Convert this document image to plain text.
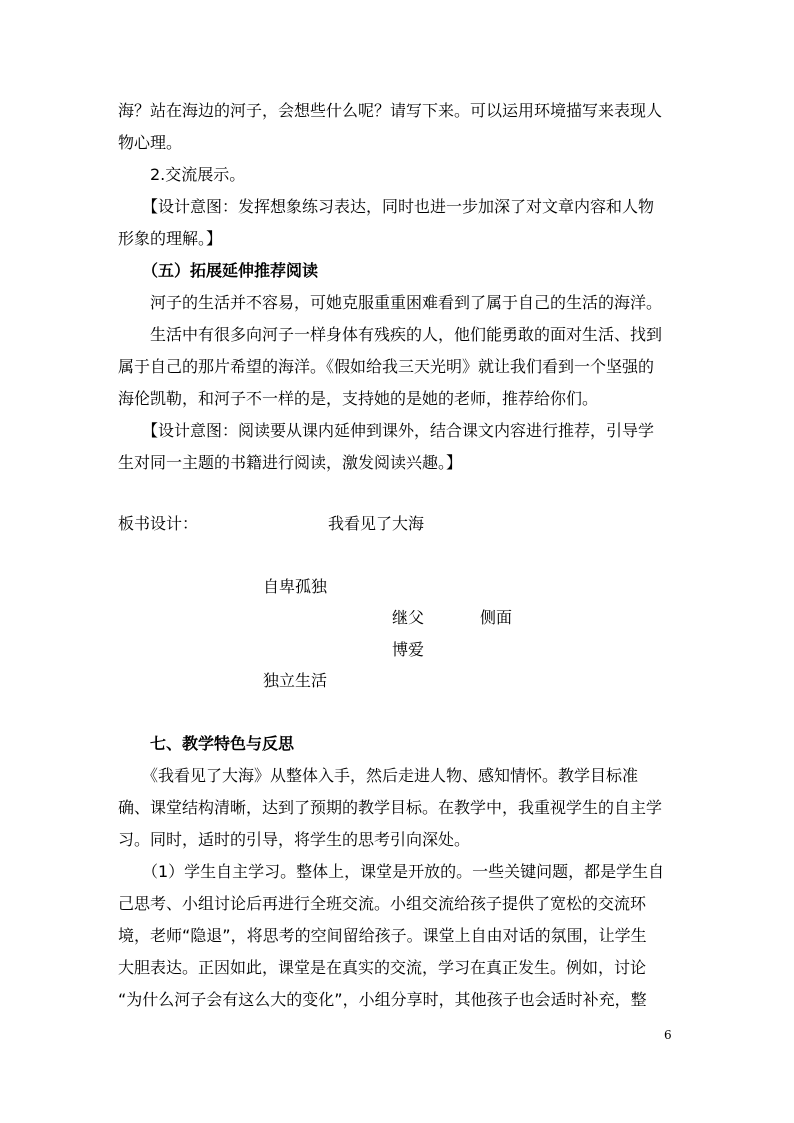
海？站在海边的河子，会想些什么呢？请写下来。可以运用环境描写来表现人
物心理。
　　2.交流展示。
　　【设计意图：发挥想象练习表达，同时也进一步加深了对文章内容和人物
形象的理解。】
　　（五）拓展延伸推荐阅读
　　河子的生活并不容易，可她克服重重困难看到了属于自己的生活的海洋。
　　生活中有很多向河子一样身体有残疾的人，他们能勇敢的面对生活、找到
属于自己的那片希望的海洋。《假如给我三天光明》就让我们看到一个坚强的
海伦凯勒，和河子不一样的是，支持她的是她的老师，推荐给你们。
　　【设计意图：阅读要从课内延伸到课外，结合课文内容进行推荐，引导学
生对同一主题的书籍进行阅读，激发阅读兴趣。】
板书设计：	我看见了大海
自卑孤独
继父	侧面
博爱
独立生活
　　七、教学特色与反思
　　《我看见了大海》从整体入手，然后走进人物、感知情怀。教学目标准
确、课堂结构清晰，达到了预期的教学目标。在教学中，我重视学生的自主学
习。同时，适时的引导，将学生的思考引向深处。
　　（1）学生自主学习。整体上，课堂是开放的。一些关键问题，都是学生自
己思考、小组讨论后再进行全班交流。小组交流给孩子提供了宽松的交流环
境，老师“隐退”，将思考的空间留给孩子。课堂上自由对话的氛围，让学生
大胆表达。正因如此，课堂是在真实的交流，学习在真正发生。例如，讨论
“为什么河子会有这么大的变化”，小组分享时，其他孩子也会适时补充，整
6
